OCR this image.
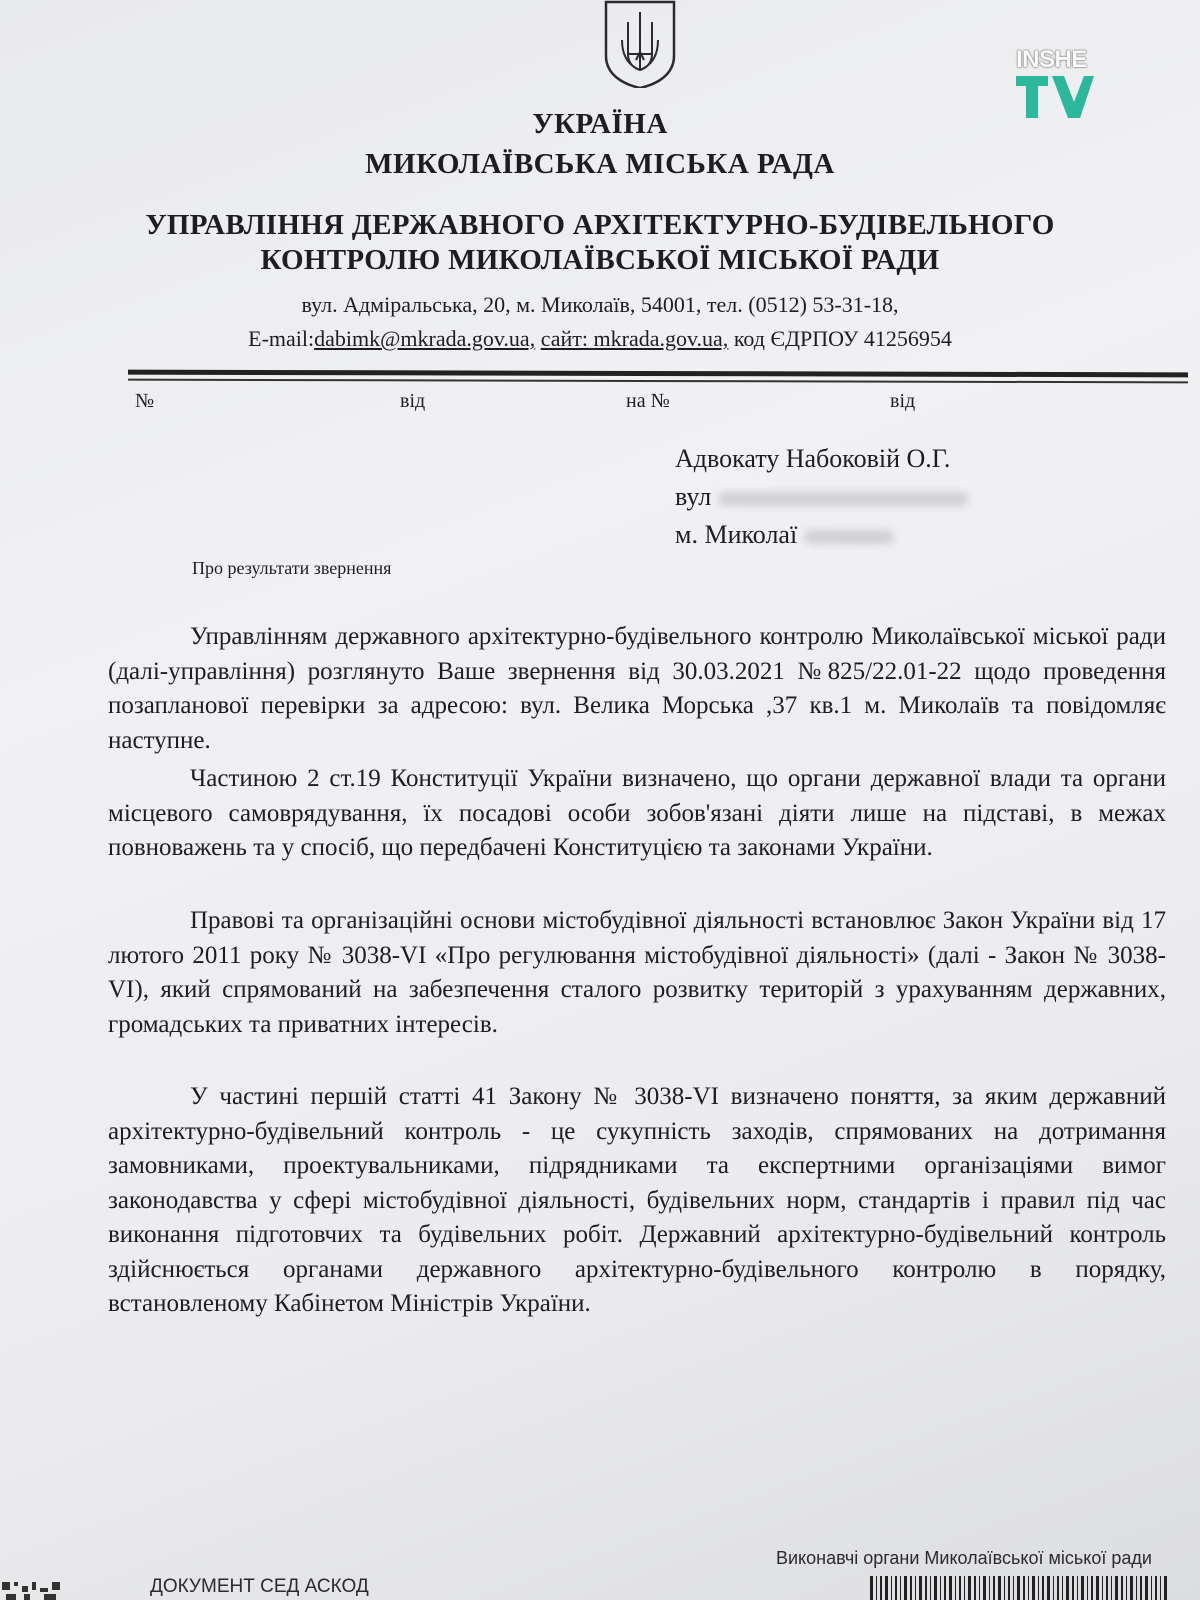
INSHE

УКРАЇНА

МИКОЛАЇВСЬКА МІСЬКА РАДА

УПРАВЛІННЯ ДЕРЖАВНОГО АРХІТЕКТУРНО-БУДІВЕЛЬНОГО

КОНТРОЛЮ МИКОЛАЇВСЬКОЇ МІСЬКОЇ РАДИ

вул. Адміральська, 20, м. Миколаїв, 54001, тел. (0512) 53-31-18,

E-mail:dabimk@mkrada.gov.ua, сайт: mkrada.gov.ua, код ЄДРПОУ 41256954

№	від	на №	від

Адвокату Набоковій О.Г.

вул

м. Миколаї

Про результати звернення

Управлінням державного архітектурно-будівельного контролю Миколаївської міської ради (далі-управління) розглянуто Ваше звернення від 30.03.2021 №825/22.01-22 щодо проведення позапланової перевірки за адресою: вул. Велика Морська ,37 кв.1 м. Миколаїв та повідомляє наступне.

Частиною 2 ст.19 Конституції України визначено, що органи державної влади та органи місцевого самоврядування, їх посадові особи зобов'язані діяти лише на підставі, в межах повноважень та у спосіб, що передбачені Конституцією та законами України.

Правові та організаційні основи містобудівної діяльності встановлює Закон України від 17 лютого 2011 року № 3038-VI «Про регулювання містобудівної діяльності» (далі - Закон № 3038-VI), який спрямований на забезпечення сталого розвитку територій з урахуванням державних, громадських та приватних інтересів.

У частині першій статті 41 Закону № 3038-VI визначено поняття, за яким державний архітектурно-будівельний контроль - це сукупність заходів, спрямованих на дотримання замовниками, проектувальниками, підрядниками та експертними організаціями вимог законодавства у сфері містобудівної діяльності, будівельних норм, стандартів і правил під час виконання підготовчих та будівельних робіт. Державний архітектурно-будівельний контроль здійснюється органами державного архітектурно-будівельного контролю в порядку, встановленому Кабінетом Міністрів України.

ДОКУМЕНТ СЕД АСКОД

Виконавчі органи Миколаївської міської ради
